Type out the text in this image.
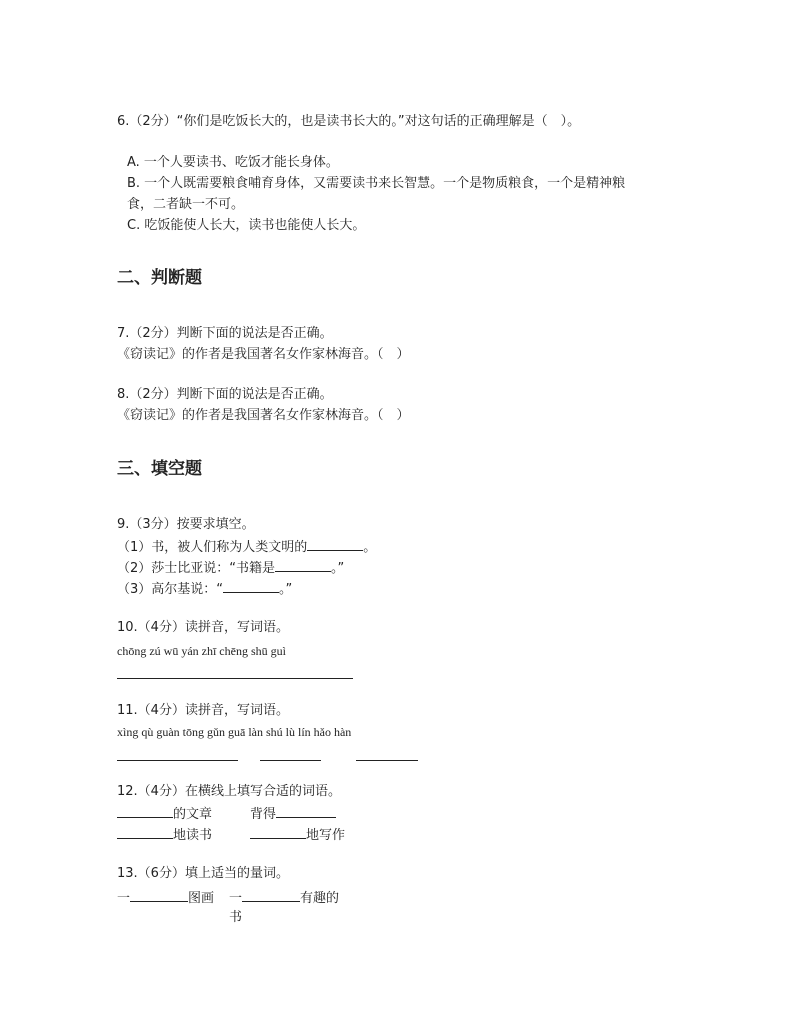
6.（2分）“你们是吃饭长大的，也是读书长大的。”对这句话的正确理解是（　）。
A. 一个人要读书、吃饭才能长身体。
B. 一个人既需要粮食哺育身体，又需要读书来长智慧。一个是物质粮食，一个是精神粮
食，二者缺一不可。
C. 吃饭能使人长大，读书也能使人长大。
二、判断题
7.（2分）判断下面的说法是否正确。
《窃读记》的作者是我国著名女作家林海音。（　）
8.（2分）判断下面的说法是否正确。
《窃读记》的作者是我国著名女作家林海音。（　）
三、填空题
9.（3分）按要求填空。
（1）书，被人们称为人类文明的	。
（2）莎士比亚说：“书籍是	。”
（3）高尔基说：“	。”
10.（4分）读拼音，写词语。
chōng zú wū yán zhī chēng shū guì
11.（4分）读拼音，写词语。
xìng qù guàn tōng gǔn guā làn shú lù lín hǎo hàn
12.（4分）在横线上填写合适的词语。
的文章	背得
地读书	地写作
13.（6分）填上适当的量词。
一	图画 一	有趣的
书
